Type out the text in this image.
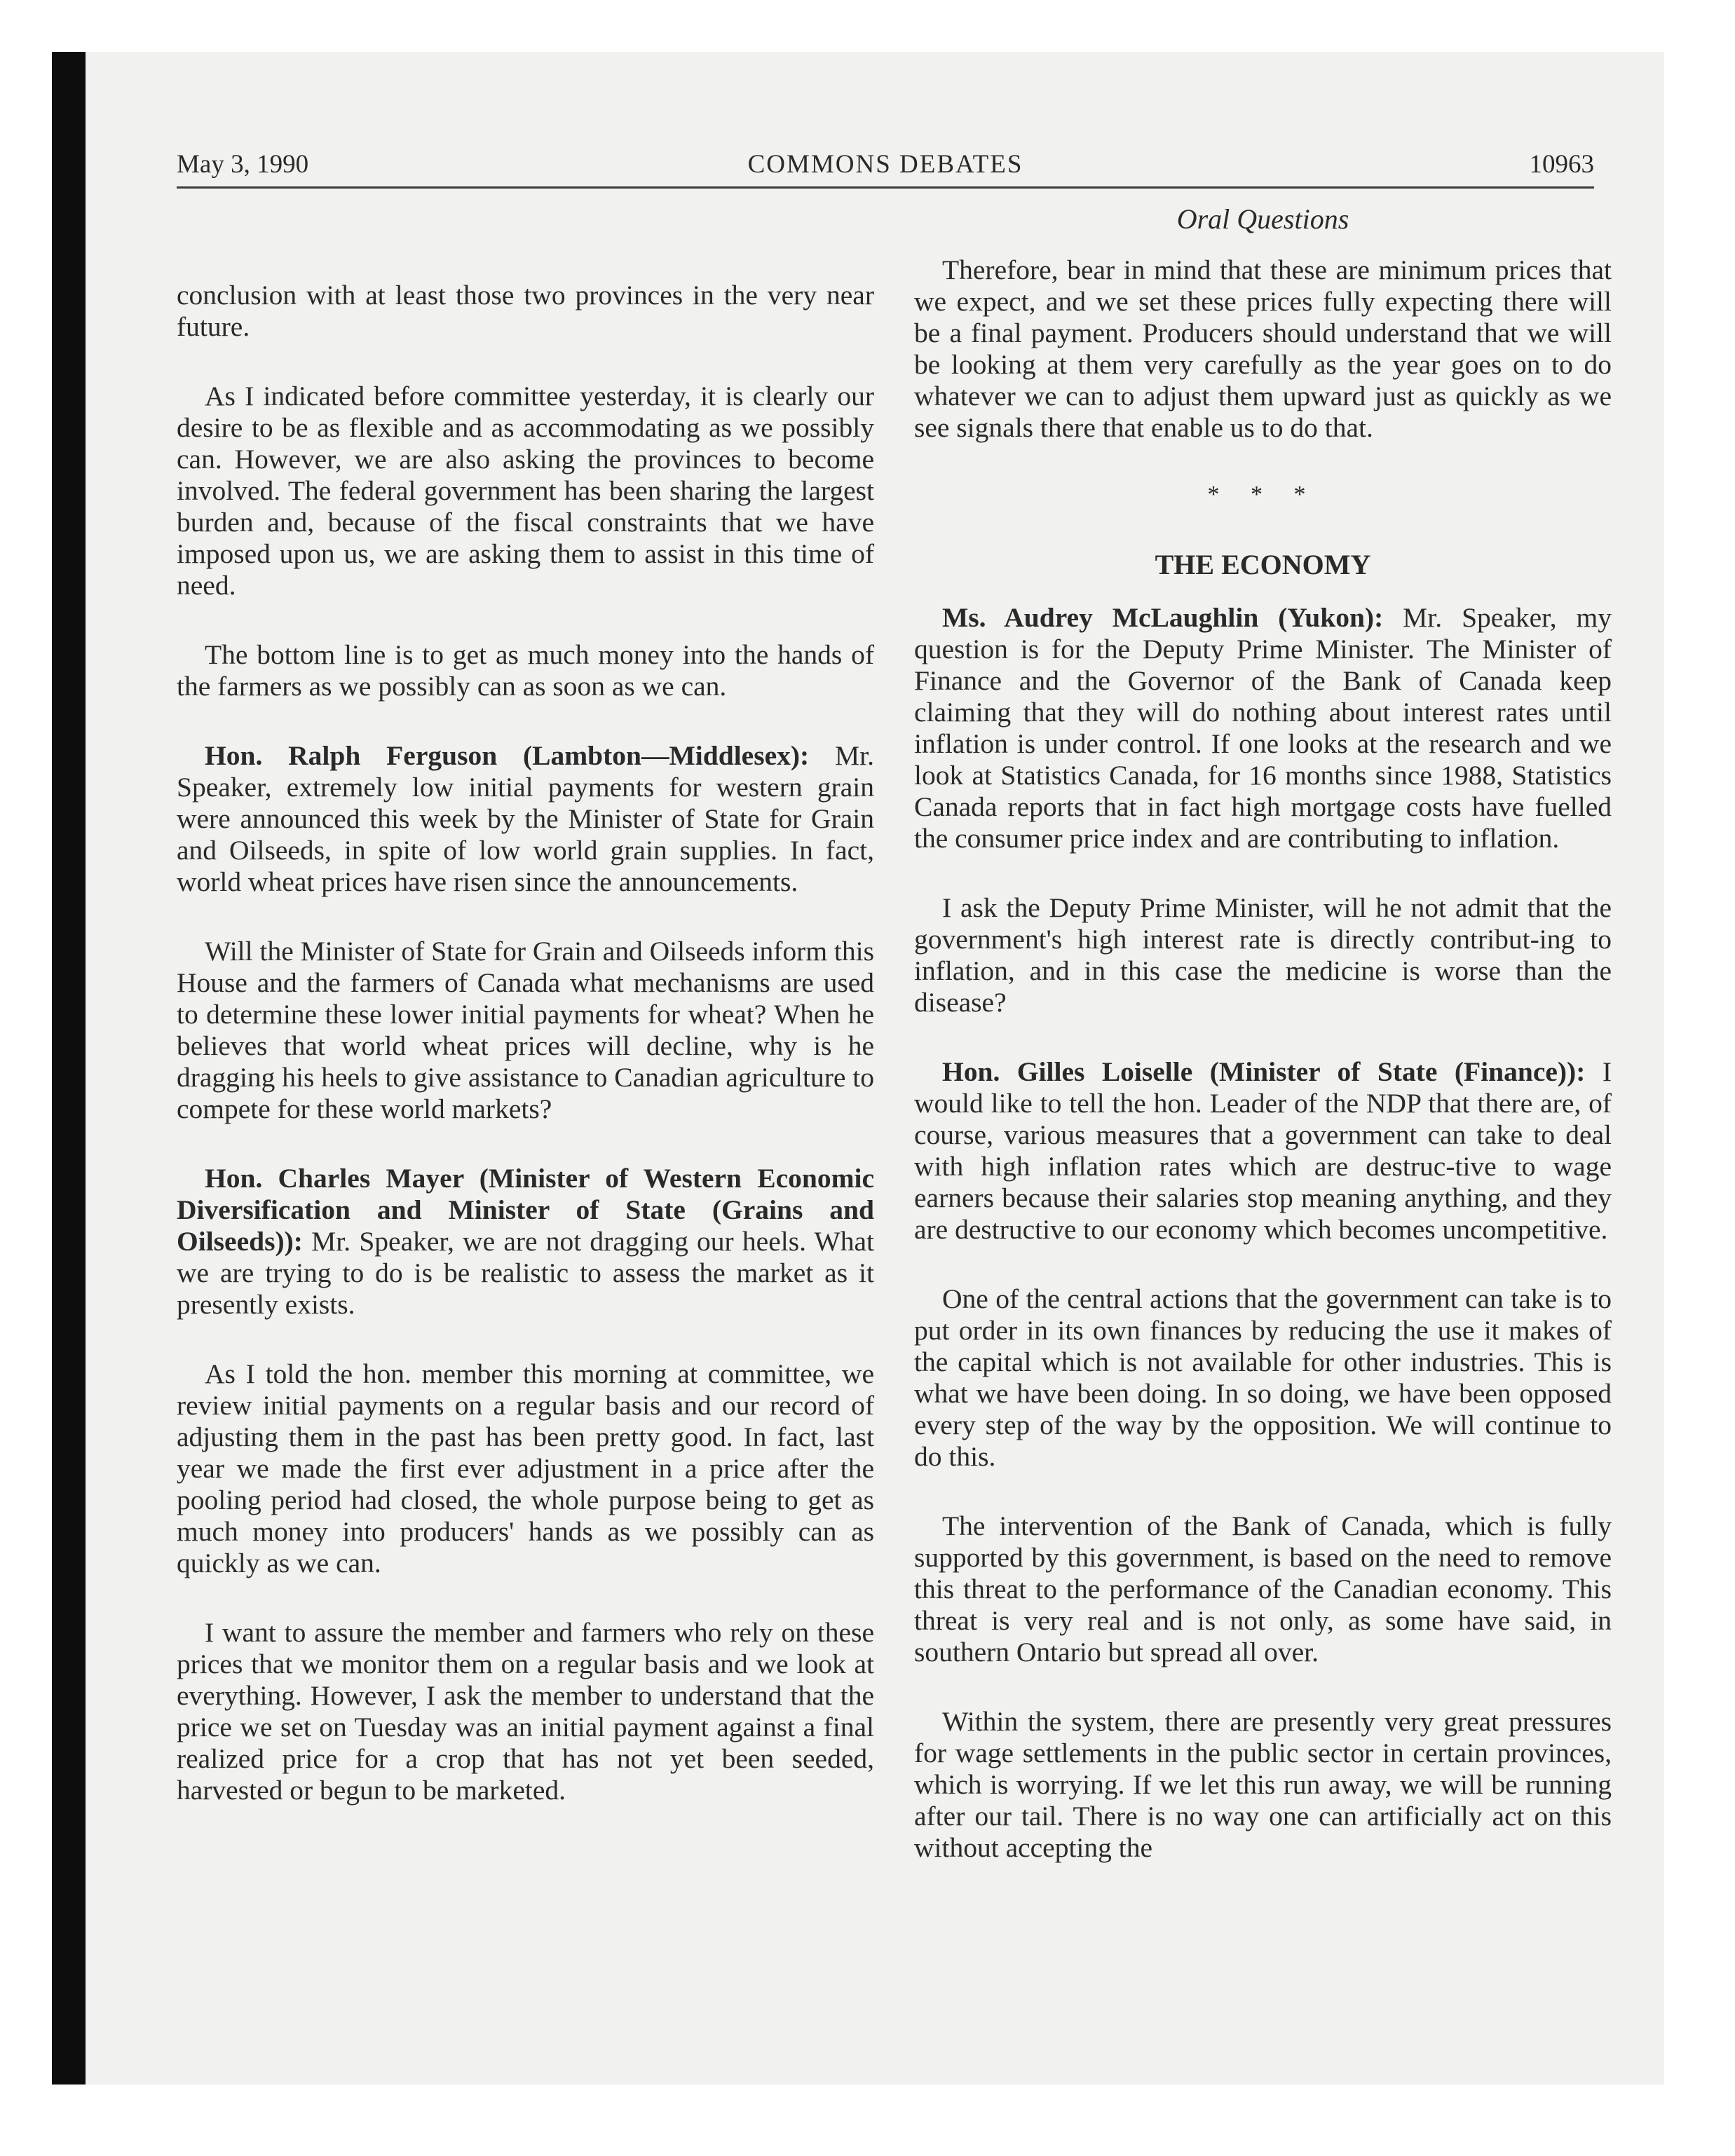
May 3, 1990	COMMONS DEBATES	10963

conclusion with at least those two provinces in the very near future.

As I indicated before committee yesterday, it is clearly our desire to be as flexible and as accommodating as we possibly can. However, we are also asking the provinces to become involved. The federal government has been sharing the largest burden and, because of the fiscal constraints that we have imposed upon us, we are asking them to assist in this time of need.

The bottom line is to get as much money into the hands of the farmers as we possibly can as soon as we can.

Hon. Ralph Ferguson (Lambton—Middlesex): Mr. Speaker, extremely low initial payments for western grain were announced this week by the Minister of State for Grain and Oilseeds, in spite of low world grain supplies. In fact, world wheat prices have risen since the announcements.

Will the Minister of State for Grain and Oilseeds inform this House and the farmers of Canada what mechanisms are used to determine these lower initial payments for wheat? When he believes that world wheat prices will decline, why is he dragging his heels to give assistance to Canadian agriculture to compete for these world markets?

Hon. Charles Mayer (Minister of Western Economic Diversification and Minister of State (Grains and Oilseeds)): Mr. Speaker, we are not dragging our heels. What we are trying to do is be realistic to assess the market as it presently exists.

As I told the hon. member this morning at committee, we review initial payments on a regular basis and our record of adjusting them in the past has been pretty good. In fact, last year we made the first ever adjustment in a price after the pooling period had closed, the whole purpose being to get as much money into producers' hands as we possibly can as quickly as we can.

I want to assure the member and farmers who rely on these prices that we monitor them on a regular basis and we look at everything. However, I ask the member to understand that the price we set on Tuesday was an initial payment against a final realized price for a crop that has not yet been seeded, harvested or begun to be marketed.

Oral Questions

Therefore, bear in mind that these are minimum prices that we expect, and we set these prices fully expecting there will be a final payment. Producers should understand that we will be looking at them very carefully as the year goes on to do whatever we can to adjust them upward just as quickly as we see signals there that enable us to do that.

* * *
THE ECONOMY

Ms. Audrey McLaughlin (Yukon): Mr. Speaker, my question is for the Deputy Prime Minister. The Minister of Finance and the Governor of the Bank of Canada keep claiming that they will do nothing about interest rates until inflation is under control. If one looks at the research and we look at Statistics Canada, for 16 months since 1988, Statistics Canada reports that in fact high mortgage costs have fuelled the consumer price index and are contributing to inflation.

I ask the Deputy Prime Minister, will he not admit that the government's high interest rate is directly contribut-ing to inflation, and in this case the medicine is worse than the disease?

Hon. Gilles Loiselle (Minister of State (Finance)): I would like to tell the hon. Leader of the NDP that there are, of course, various measures that a government can take to deal with high inflation rates which are destruc-tive to wage earners because their salaries stop meaning anything, and they are destructive to our economy which becomes uncompetitive.

One of the central actions that the government can take is to put order in its own finances by reducing the use it makes of the capital which is not available for other industries. This is what we have been doing. In so doing, we have been opposed every step of the way by the opposition. We will continue to do this.

The intervention of the Bank of Canada, which is fully supported by this government, is based on the need to remove this threat to the performance of the Canadian economy. This threat is very real and is not only, as some have said, in southern Ontario but spread all over.

Within the system, there are presently very great pressures for wage settlements in the public sector in certain provinces, which is worrying. If we let this run away, we will be running after our tail. There is no way one can artificially act on this without accepting the
